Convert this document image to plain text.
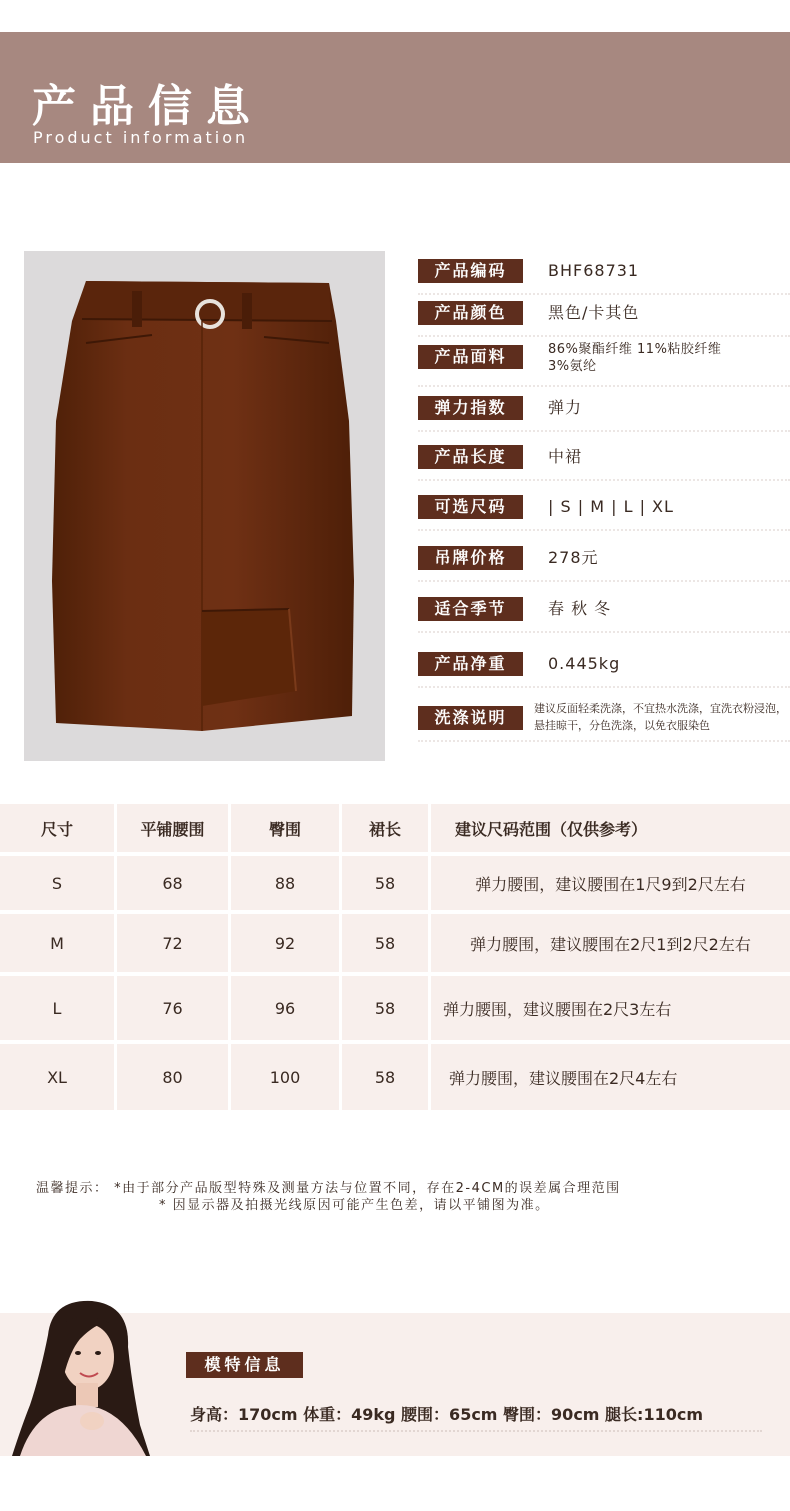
产品信息
Product information
产品编码	BHF68731
产品颜色	黑色/卡其色
产品面料	86%聚酯纤维 11%粘胶纤维
3%氨纶
弹力指数	弹力
产品长度	中裙
可选尺码	| S | M | L | XL
吊牌价格	278元
适合季节	春 秋 冬
产品净重	0.445kg
洗涤说明	建议反面轻柔洗涤，不宜热水洗涤，宜洗衣粉浸泡，悬挂晾干，分色洗涤，以免衣服染色
尺寸	平铺腰围	臀围	裙长	建议尺码范围（仅供参考）
S	68	88	58	弹力腰围，建议腰围在1尺9到2尺左右
M	72	92	58	弹力腰围，建议腰围在2尺1到2尺2左右
L	76	96	58	弹力腰围，建议腰围在2尺3左右
XL	80	100	58	弹力腰围，建议腰围在2尺4左右
温馨提示： *由于部分产品版型特殊及测量方法与位置不同，存在2-4CM的误差属合理范围
* 因显示器及拍摄光线原因可能产生色差，请以平铺图为准。
模特信息
身高：170cm 体重：49kg 腰围：65cm 臀围：90cm 腿长:110cm
